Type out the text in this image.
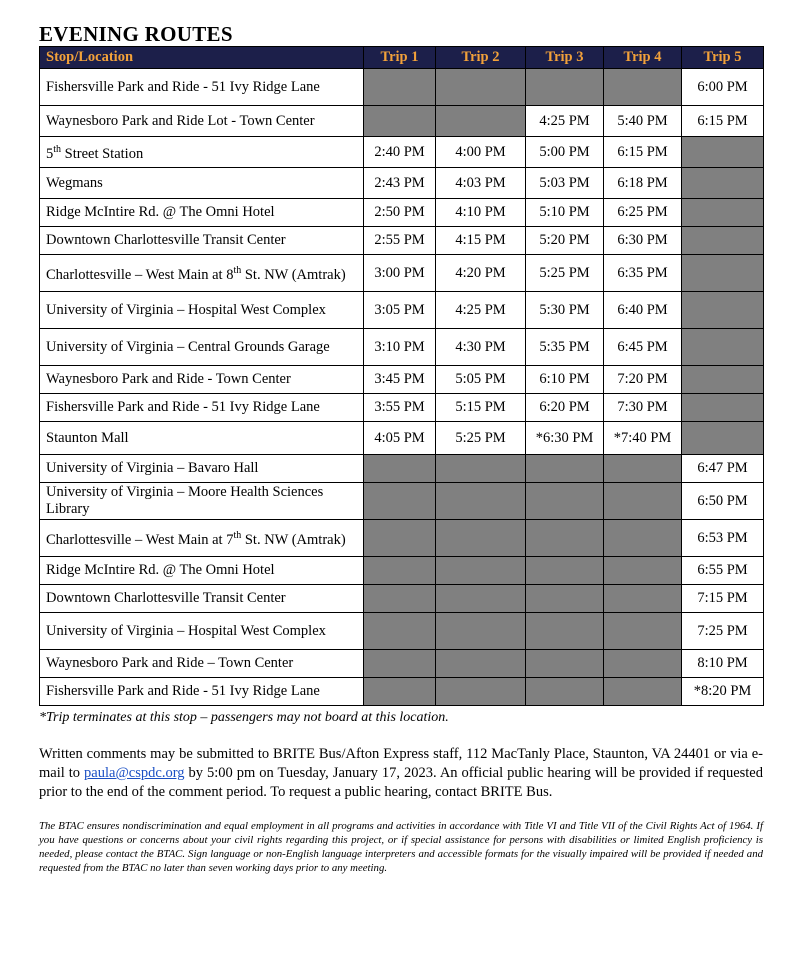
EVENING ROUTES
Stop/Location	Trip 1	Trip 2	Trip 3	Trip 4	Trip 5
Fishersville Park and Ride - 51 Ivy Ridge Lane					6:00 PM
Waynesboro Park and Ride Lot - Town Center			4:25 PM	5:40 PM	6:15 PM
5th Street Station	2:40 PM	4:00 PM	5:00 PM	6:15 PM	
Wegmans	2:43 PM	4:03 PM	5:03 PM	6:18 PM	
Ridge McIntire Rd. @ The Omni Hotel	2:50 PM	4:10 PM	5:10 PM	6:25 PM	
Downtown Charlottesville Transit Center	2:55 PM	4:15 PM	5:20 PM	6:30 PM	
Charlottesville – West Main at 8th St. NW (Amtrak)	3:00 PM	4:20 PM	5:25 PM	6:35 PM	
University of Virginia – Hospital West Complex	3:05 PM	4:25 PM	5:30 PM	6:40 PM	
University of Virginia – Central Grounds Garage	3:10 PM	4:30 PM	5:35 PM	6:45 PM	
Waynesboro Park and Ride - Town Center	3:45 PM	5:05 PM	6:10 PM	7:20 PM	
Fishersville Park and Ride - 51 Ivy Ridge Lane	3:55 PM	5:15 PM	6:20 PM	7:30 PM	
Staunton Mall	4:05 PM	5:25 PM	*6:30 PM	*7:40 PM	
University of Virginia – Bavaro Hall					6:47 PM
University of Virginia – Moore Health Sciences Library					6:50 PM
Charlottesville – West Main at 7th St. NW (Amtrak)					6:53 PM
Ridge McIntire Rd. @ The Omni Hotel					6:55 PM
Downtown Charlottesville Transit Center					7:15 PM
University of Virginia – Hospital West Complex					7:25 PM
Waynesboro Park and Ride – Town Center					8:10 PM
Fishersville Park and Ride - 51 Ivy Ridge Lane					*8:20 PM
*Trip terminates at this stop – passengers may not board at this location.

Written comments may be submitted to BRITE Bus/Afton Express staff, 112 MacTanly Place, Staunton, VA 24401 or via e-mail to paula@cspdc.org by 5:00 pm on Tuesday, January 17, 2023. An official public hearing will be provided if requested prior to the end of the comment period. To request a public hearing, contact BRITE Bus.

The BTAC ensures nondiscrimination and equal employment in all programs and activities in accordance with Title VI and Title VII of the Civil Rights Act of 1964. If you have questions or concerns about your civil rights regarding this project, or if special assistance for persons with disabilities or limited English proficiency is needed, please contact the BTAC. Sign language or non-English language interpreters and accessible formats for the visually impaired will be provided if needed and requested from the BTAC no later than seven working days prior to any meeting.
